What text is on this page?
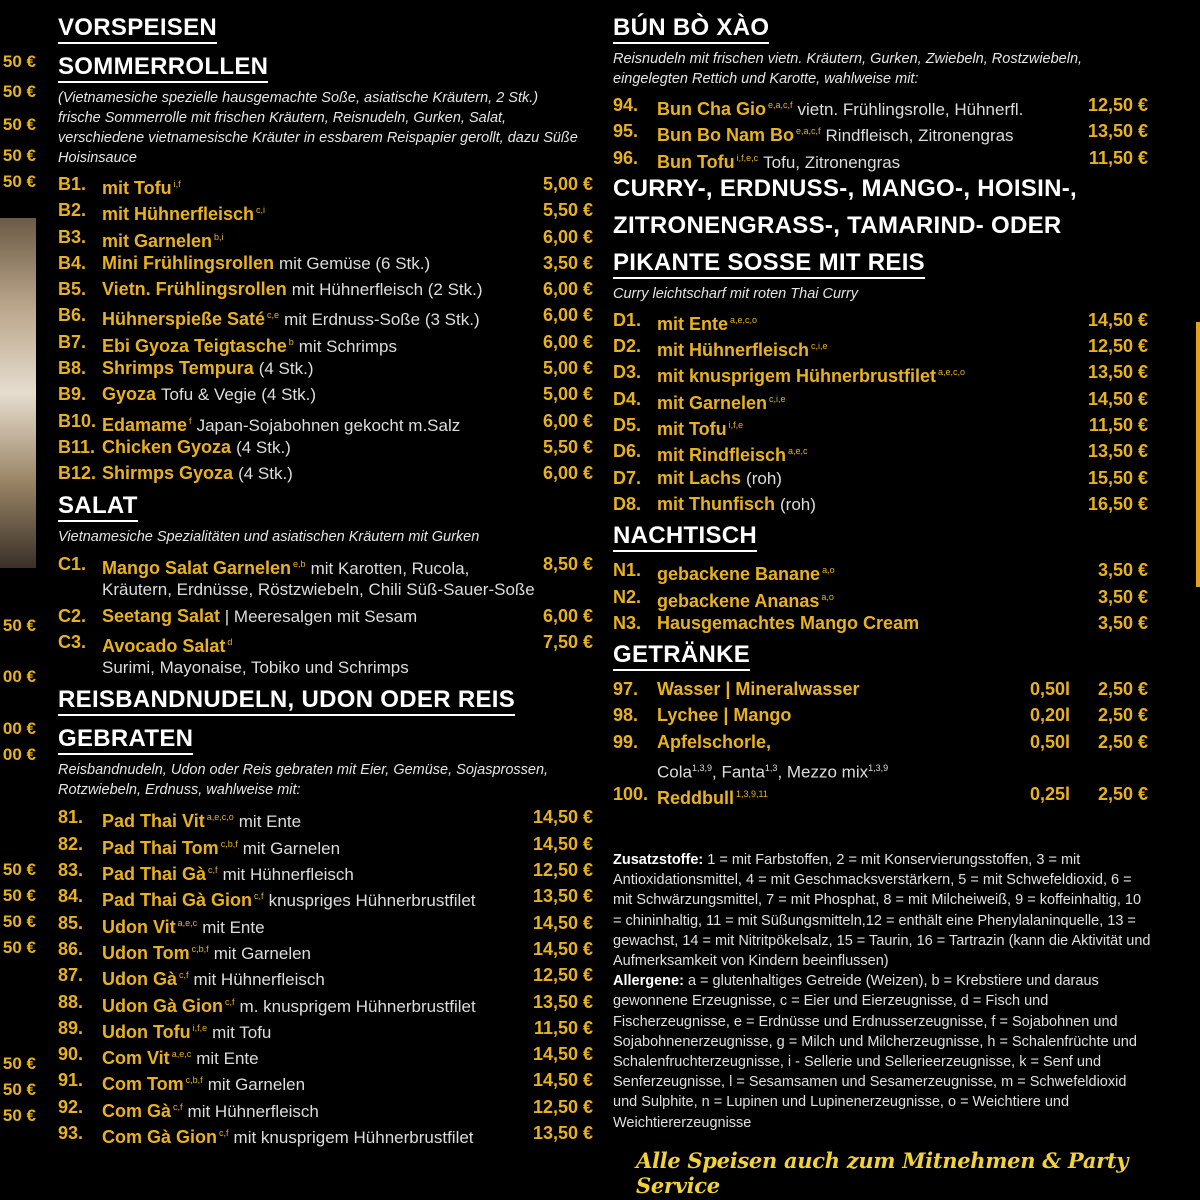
50 €
50 €
50 €
50 €
50 €
50 €
00 €
00 €
00 €
50 €
50 €
50 €
50 €
50 €
50 €
50 €
VORSPEISEN
SOMMERROLLEN
(Vietnamesiche spezielle hausgemachte Soße, asiatische Kräutern, 2 Stk.)
frische Sommerrolle mit frischen Kräutern, Reisnudeln, Gurken, Salat, verschiedene vietnamesische Kräuter in essbarem Reispapier gerollt, dazu Süße Hoisinsauce
B1. mit Tofu $^{i,f}$	5,00 €
B2. mit Hühnerfleisch $^{c,i}$	5,50 €
B3. mit Garnelen $^{b,i}$	6,00 €
B4. Mini Frühlingsrollen mit Gemüse (6 Stk.)	3,50 €
B5. Vietn. Frühlingsrollen mit Hühnerfleisch (2 Stk.)	6,00 €
B6. Hühnerspieße Saté $^{c,e}$ mit Erdnuss-Soße (3 Stk.)	6,00 €
B7. Ebi Gyoza Teigtasche $^b$ mit Schrimps	6,00 €
B8. Shrimps Tempura (4 Stk.)	5,00 €
B9. Gyoza Tofu & Vegie (4 Stk.)	5,00 €
B10. Edamame $^f$ Japan-Sojabohnen gekocht m.Salz	6,00 €
B11. Chicken Gyoza (4 Stk.)	5,50 €
B12. Shirmps Gyoza (4 Stk.)	6,00 €
SALAT
Vietnamesiche Spezialitäten und asiatischen Kräutern mit Gurken
C1. Mango Salat Garnelen $^{e,b}$ mit Karotten, Rucola,	8,50 €
Kräutern, Erdnüsse, Röstzwiebeln, Chili Süß-Sauer-Soße
C2. Seetang Salat | Meeresalgen mit Sesam	6,00 €
C3. Avocado Salat $^d$	7,50 €
Surimi, Mayonaise, Tobiko und Schrimps
REISBANDNUDELN, UDON ODER REIS
GEBRATEN
Reisbandnudeln, Udon oder Reis gebraten mit Eier, Gemüse, Sojasprossen, Rotzwiebeln, Erdnuss, wahlweise mit:
81. Pad Thai Vit $^{a,e,c,o}$ mit Ente	14,50 €
82. Pad Thai Tom $^{c,b,f}$ mit Garnelen	14,50 €
83. Pad Thai Gà $^{c,f}$ mit Hühnerfleisch	12,50 €
84. Pad Thai Gà Gion $^{c,f}$ knuspriges Hühnerbrustfilet	13,50 €
85. Udon Vit $^{a,e,c}$ mit Ente	14,50 €
86. Udon Tom $^{c,b,f}$ mit Garnelen	14,50 €
87. Udon Gà $^{c,f}$ mit Hühnerfleisch	12,50 €
88. Udon Gà Gion $^{c,f}$ m. knusprigem Hühnerbrustfilet	13,50 €
89. Udon Tofu $^{i,f,e}$ mit Tofu	11,50 €
90. Com Vit $^{a,e,c}$ mit Ente	14,50 €
91. Com Tom $^{c,b,f}$ mit Garnelen	14,50 €
92. Com Gà $^{c,f}$ mit Hühnerfleisch	12,50 €
93. Com Gà Gion $^{c,f}$ mit knusprigem Hühnerbrustfilet	13,50 €
BÚN BÒ XÀO
Reisnudeln mit frischen vietn. Kräutern, Gurken, Zwiebeln, Rostzwiebeln, eingelegten Rettich und Karotte, wahlweise mit:
94. Bun Cha Gio $^{e,a,c,f}$ vietn. Frühlingsrolle, Hühnerfl.	12,50 €
95. Bun Bo Nam Bo $^{e,a,c,f}$ Rindfleisch, Zitronengras	13,50 €
96. Bun Tofu $^{i,f,e,c}$ Tofu, Zitronengras	11,50 €
CURRY-, ERDNUSS-, MANGO-, HOISIN-,
ZITRONENGRASS-, TAMARIND- ODER
PIKANTE SOSSE MIT REIS
Curry leichtscharf mit roten Thai Curry
D1. mit Ente $^{a,e,c,o}$	14,50 €
D2. mit Hühnerfleisch $^{c,i,e}$	12,50 €
D3. mit knusprigem Hühnerbrustfilet $^{a,e,c,o}$	13,50 €
D4. mit Garnelen $^{c,i,e}$	14,50 €
D5. mit Tofu $^{i,f,e}$	11,50 €
D6. mit Rindfleisch $^{a,e,c}$	13,50 €
D7. mit Lachs (roh)	15,50 €
D8. mit Thunfisch (roh)	16,50 €
NACHTISCH
N1. gebackene Banane $^{a,o}$	3,50 €
N2. gebackene Ananas $^{a,o}$	3,50 €
N3. Hausgemachtes Mango Cream	3,50 €
GETRÄNKE
97. Wasser | Mineralwasser	0,50l 2,50 €
98. Lychee | Mango	0,20l 2,50 €
99. Apfelschorle,	0,50l 2,50 €
Cola$^{1,3,9}$, Fanta$^{1,3}$, Mezzo mix$^{1,3,9}$
100. Reddbull $^{1,3,9,11}$	0,25l 2,50 €
Zusatzstoffe: 1 = mit Farbstoffen, 2 = mit Konservierungsstoffen, 3 = mit Antioxidationsmittel, 4 = mit Geschmacksverstärkern, 5 = mit Schwefeldioxid, 6 = mit Schwärzungsmittel, 7 = mit Phosphat, 8 = mit Milcheiweiß, 9 = koffeinhaltig, 10 = chininhaltig, 11 = mit Süßungsmitteln,12 = enthält eine Phenylalaninquelle, 13 = gewachst, 14 = mit Nitritpökelsalz, 15 = Taurin, 16 = Tartrazin (kann die Aktivität und Aufmerksamkeit von Kindern beeinflussen)
Allergene: a = glutenhaltiges Getreide (Weizen), b = Krebstiere und daraus gewonnene Erzeugnisse, c = Eier und Eierzeugnisse, d = Fisch und Fischerzeugnisse, e = Erdnüsse und Erdnusserzeugnisse, f = Sojabohnen und Sojabohnenerzeugnisse, g = Milch und Milcherzeugnisse, h = Schalenfrüchte und Schalenfruchterzeugnisse, i - Sellerie und Sellerieerzeugnisse, k = Senf und Senferzeugnisse, l = Sesamsamen und Sesamerzeugnisse, m = Schwefeldioxid und Sulphite, n = Lupinen und Lupinenerzeugnisse, o = Weichtiere und Weichtiererzeugnisse
Alle Speisen auch zum Mitnehmen & Party Service
